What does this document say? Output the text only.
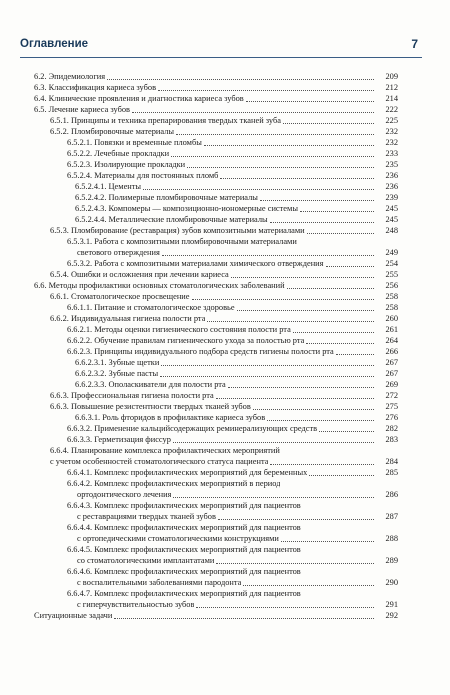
Оглавление	7
6.2. Эпидемиология	209
6.3. Классификация кариеса зубов	212
6.4. Клинические проявления и диагностика кариеса зубов	214
6.5. Лечение кариеса зубов	222
6.5.1. Принципы и техника препарирования твердых тканей зуба	225
6.5.2. Пломбировочные материалы	232
6.5.2.1. Повязки и временные пломбы	232
6.5.2.2. Лечебные прокладки	233
6.5.2.3. Изолирующие прокладки	235
6.5.2.4. Материалы для постоянных пломб	236
6.5.2.4.1. Цементы	236
6.5.2.4.2. Полимерные пломбировочные материалы	239
6.5.2.4.3. Компомеры — композиционно-иономерные системы	245
6.5.2.4.4. Металлические пломбировочные материалы	245
6.5.3. Пломбирование (реставрация) зубов композитными материалами	248
6.5.3.1. Работа с композитными пломбировочными материалами
светового отверждения	249
6.5.3.2. Работа с композитными материалами химического отверждения	254
6.5.4. Ошибки и осложнения при лечении кариеса	255
6.6. Методы профилактики основных стоматологических заболеваний	256
6.6.1. Стоматологическое просвещение	258
6.6.1.1. Питание и стоматологическое здоровье	258
6.6.2. Индивидуальная гигиена полости рта	260
6.6.2.1. Методы оценки гигиенического состояния полости рта	261
6.6.2.2. Обучение правилам гигиенического ухода за полостью рта	264
6.6.2.3. Принципы индивидуального подбора средств гигиены полости рта	266
6.6.2.3.1. Зубные щетки	267
6.6.2.3.2. Зубные пасты	267
6.6.2.3.3. Ополаскиватели для полости рта	269
6.6.3. Профессиональная гигиена полости рта	272
6.6.3. Повышение резистентности твердых тканей зубов	275
6.6.3.1. Роль фторидов в профилактике кариеса зубов	276
6.6.3.2. Применение кальцийсодержащих реминерализующих средств	282
6.6.3.3. Герметизация фиссур	283
6.6.4. Планирование комплекса профилактических мероприятий
с учетом особенностей стоматологического статуса пациента	284
6.6.4.1. Комплекс профилактических мероприятий для беременных	285
6.6.4.2. Комплекс профилактических мероприятий в период
ортодонтического лечения	286
6.6.4.3. Комплекс профилактических мероприятий для пациентов
с реставрациями твердых тканей зубов	287
6.6.4.4. Комплекс профилактических мероприятий для пациентов
с ортопедическими стоматологическими конструкциями	288
6.6.4.5. Комплекс профилактических мероприятий для пациентов
со стоматологическими имплантатами	289
6.6.4.6. Комплекс профилактических мероприятий для пациентов
с воспалительными заболеваниями пародонта	290
6.6.4.7. Комплекс профилактических мероприятий для пациентов
с гиперчувствительностью зубов	291
Ситуационные задачи	292
